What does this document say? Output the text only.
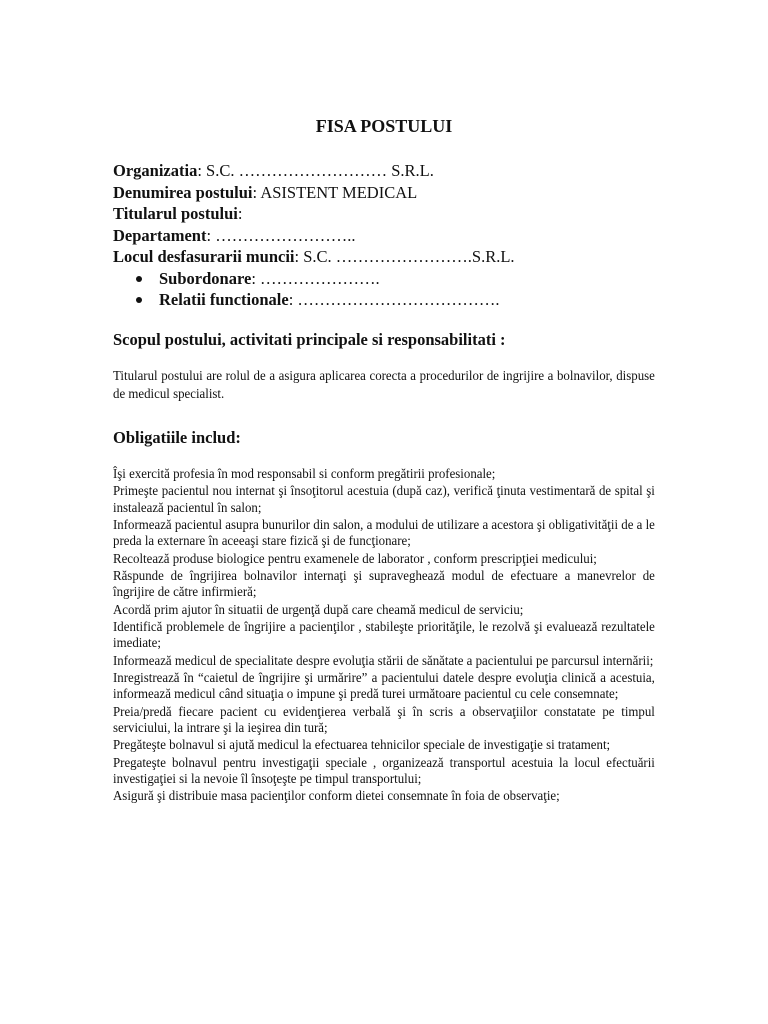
FISA POSTULUI
Organizatia: S.C. ……………………… S.R.L.
Denumirea postului: ASISTENT MEDICAL
Titularul postului:
Departament: ……………………..
Locul desfasurarii muncii: S.C. …………………….S.R.L.
Subordonare: ………………….
Relatii functionale: ……………………………….
Scopul postului, activitati principale si responsabilitati :

Titularul postului are rolul de a asigura aplicarea corecta a procedurilor de ingrijire a bolnavilor, dispuse de medicul specialist.

Obligatiile includ:
Îşi exercită profesia în mod responsabil si conform pregătirii profesionale;
Primeşte pacientul nou internat şi însoţitorul acestuia (după caz), verifică ţinuta vestimentară de spital şi instalează pacientul în salon;
Informează pacientul asupra bunurilor din salon, a modului de utilizare a acestora şi obligativităţii de a le preda la externare în aceeaşi stare fizică şi de funcţionare;
Recoltează produse biologice pentru examenele de laborator , conform prescripţiei medicului;
Răspunde de îngrijirea bolnavilor internaţi şi supraveghează modul de efectuare a manevrelor de îngrijire de către infirmieră;
Acordă prim ajutor în situatii de urgenţă după care cheamă medicul de serviciu;
Identifică problemele de îngrijire a pacienţilor , stabileşte priorităţile, le rezolvă şi evaluează rezultatele imediate;
Informează medicul de specialitate despre evoluţia stării de sănătate a pacientului pe parcursul internării;
Inregistrează în “caietul de îngrijire şi urmărire” a pacientului datele despre evoluţia clinică a acestuia, informează medicul când situaţia o impune şi predă turei următoare pacientul cu cele consemnate;
Preia/predă fiecare pacient cu evidenţierea verbală şi în scris a observaţiilor constatate pe timpul serviciului, la intrare şi la ieşirea din tură;
Pregăteşte bolnavul si ajută medicul la efectuarea tehnicilor speciale de investigaţie si tratament;
Pregateşte bolnavul pentru investigaţii speciale , organizează transportul acestuia la locul efectuării investigaţiei si la nevoie îl însoţeşte pe timpul transportului;
Asigură şi distribuie masa pacienţilor conform dietei consemnate în foia de observaţie;
